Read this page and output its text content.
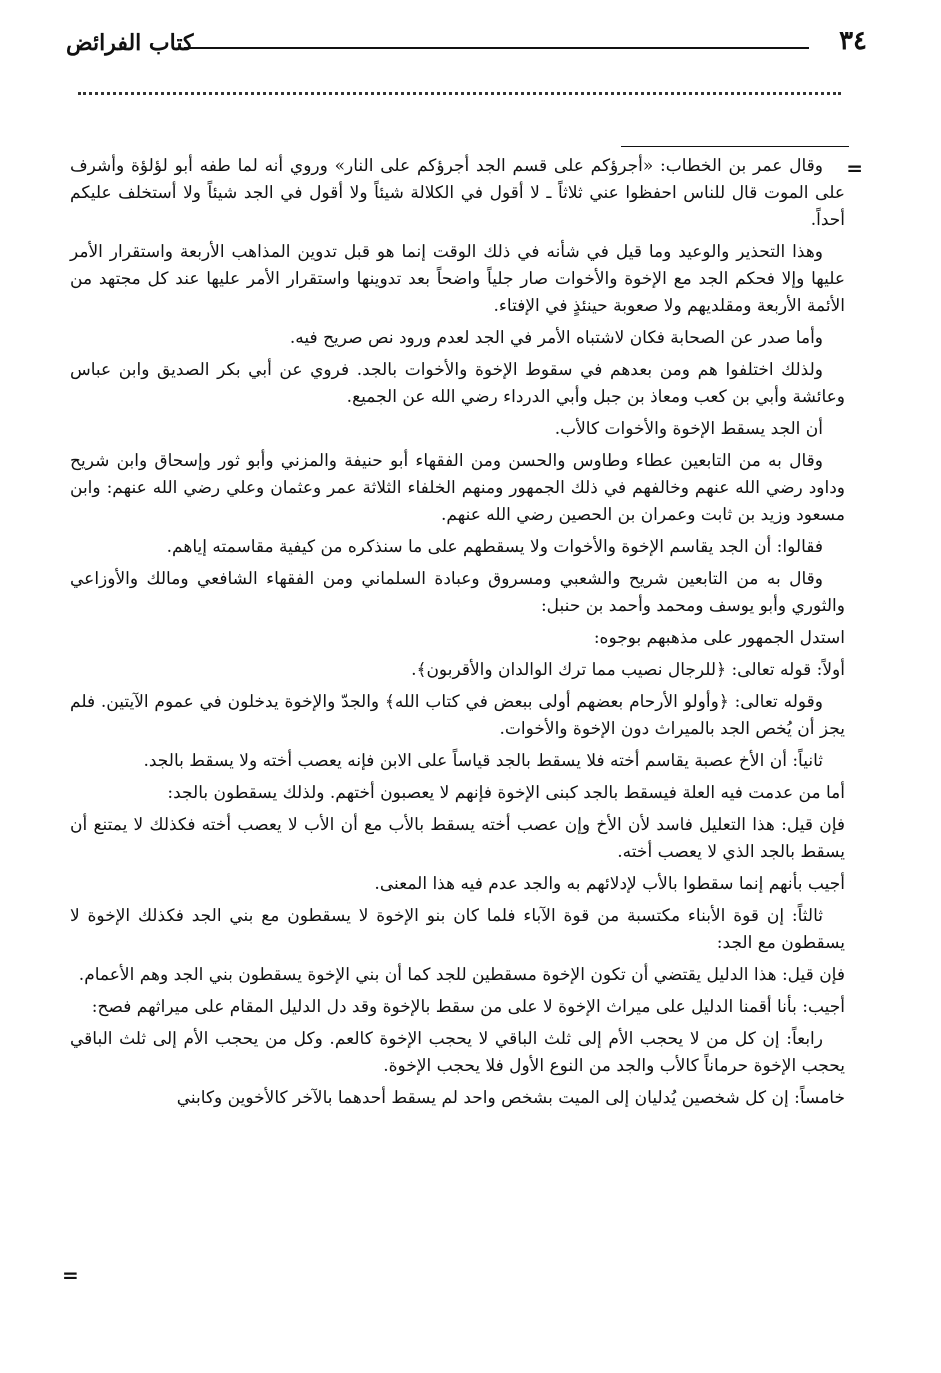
٣٤
كتاب الفرائض
=

وقال عمر بن الخطاب: «أجرؤكم على قسم الجد أجرؤكم على النار» وروي أنه لما طفه أبو لؤلؤة وأشرف على الموت قال للناس احفظوا عني ثلاثاً ـ لا أقول في الكلالة شيئاً ولا أقول في الجد شيئاً ولا أستخلف عليكم أحداً.

وهذا التحذير والوعيد وما قيل في شأنه في ذلك الوقت إنما هو قبل تدوين المذاهب الأربعة واستقرار الأمر عليها وإلا فحكم الجد مع الإخوة والأخوات صار جلياً واضحاً بعد تدوينها واستقرار الأمر عليها عند كل مجتهد من الأئمة الأربعة ومقلديهم ولا صعوبة حينئذٍ في الإفتاء.

وأما صدر عن الصحابة فكان لاشتباه الأمر في الجد لعدم ورود نص صريح فيه.

ولذلك اختلفوا هم ومن بعدهم في سقوط الإخوة والأخوات بالجد. فروي عن أبي بكر الصديق وابن عباس وعائشة وأبي بن كعب ومعاذ بن جبل وأبي الدرداء رضي الله عن الجميع.

أن الجد يسقط الإخوة والأخوات كالأب.

وقال به من التابعين عطاء وطاوس والحسن ومن الفقهاء أبو حنيفة والمزني وأبو ثور وإسحاق وابن شريح وداود رضي الله عنهم وخالفهم في ذلك الجمهور ومنهم الخلفاء الثلاثة عمر وعثمان وعلي رضي الله عنهم: وابن مسعود وزيد بن ثابت وعمران بن الحصين رضي الله عنهم.

فقالوا: أن الجد يقاسم الإخوة والأخوات ولا يسقطهم على ما سنذكره من كيفية مقاسمته إياهم.

وقال به من التابعين شريح والشعبي ومسروق وعبادة السلماني ومن الفقهاء الشافعي ومالك والأوزاعي والثوري وأبو يوسف ومحمد وأحمد بن حنبل:

استدل الجمهور على مذهبهم بوجوه:

أولاً: قوله تعالى: ﴿للرجال نصيب مما ترك الوالدان والأقربون﴾.

وقوله تعالى: ﴿وأولو الأرحام بعضهم أولى ببعض في كتاب الله﴾ والجدّ والإخوة يدخلون في عموم الآيتين. فلم يجز أن يُخص الجد بالميراث دون الإخوة والأخوات.

ثانياً: أن الأخ عصبة يقاسم أخته فلا يسقط بالجد قياساً على الابن فإنه يعصب أخته ولا يسقط بالجد.

أما من عدمت فيه العلة فيسقط بالجد كبنى الإخوة فإنهم لا يعصبون أختهم. ولذلك يسقطون بالجد:

فإن قيل: هذا التعليل فاسد لأن الأخ وإن عصب أخته يسقط بالأب مع أن الأب لا يعصب أخته فكذلك لا يمتنع أن يسقط بالجد الذي لا يعصب أخته.

أجيب بأنهم إنما سقطوا بالأب لإدلائهم به والجد عدم فيه هذا المعنى.

ثالثاً: إن قوة الأبناء مكتسبة من قوة الآباء فلما كان بنو الإخوة لا يسقطون مع بني الجد فكذلك الإخوة لا يسقطون مع الجد:

فإن قيل: هذا الدليل يقتضي أن تكون الإخوة مسقطين للجد كما أن بني الإخوة يسقطون بني الجد وهم الأعمام.

أجيب: بأنا أقمنا الدليل على ميراث الإخوة لا على من سقط بالإخوة وقد دل الدليل المقام على ميراثهم فصح:

رابعاً: إن كل من لا يحجب الأم إلى ثلث الباقي لا يحجب الإخوة كالعم. وكل من يحجب الأم إلى ثلث الباقي يحجب الإخوة حرماناً كالأب والجد من النوع الأول فلا يحجب الإخوة.

خامساً: إن كل شخصين يُدليان إلى الميت بشخص واحد لم يسقط أحدهما بالآخر كالأخوين وكابني

=
